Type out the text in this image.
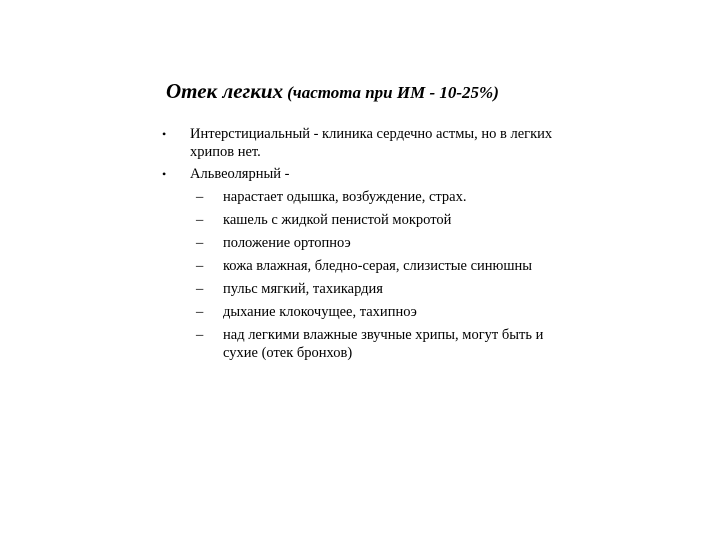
Отек легких (частота при ИМ - 10-25%)
•	Интерстициальный - клиника сердечно астмы, но в легких хрипов нет.
•	Альвеолярный -
– нарастает одышка, возбуждение, страх.
– кашель с жидкой пенистой мокротой
– положение ортопноэ
– кожа влажная, бледно-серая, слизистые синюшны
– пульс мягкий, тахикардия
– дыхание клокочущее, тахипноэ
– над легкими влажные звучные хрипы, могут быть и сухие (отек бронхов)
